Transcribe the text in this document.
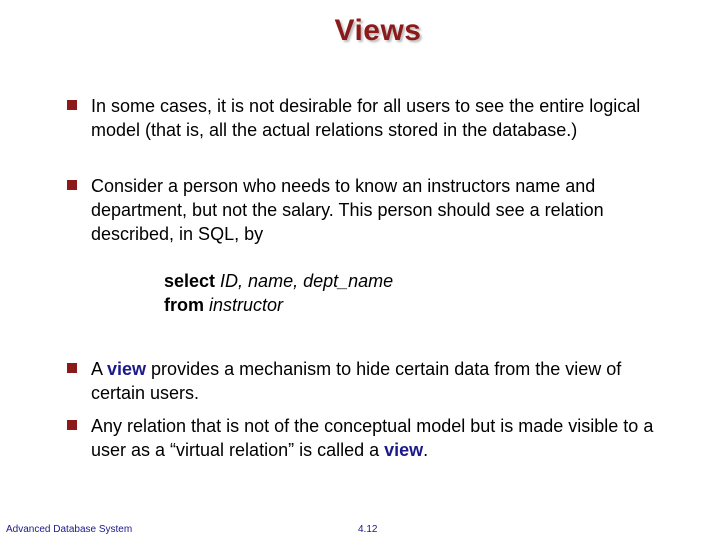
Views
In some cases, it is not desirable for all users to see the entire logical model (that is, all the actual relations stored in the database.)
Consider a person who needs to know an instructors name and department, but not the salary. This person should see a relation described, in SQL, by
select ID, name, dept_name
from instructor
A view provides a mechanism to hide certain data from the view of certain users.
Any relation that is not of the conceptual model but is made visible to a user as a “virtual relation” is called a view.
Advanced Database System	4.12
